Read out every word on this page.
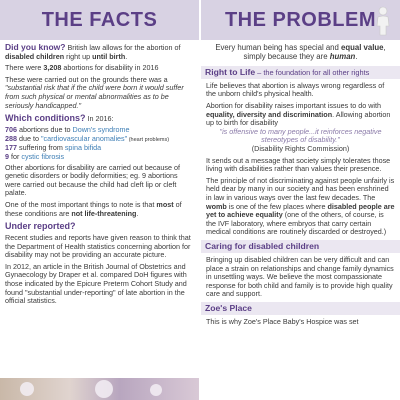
THE FACTS

Did you know? British law allows for the abortion of disabled children right up until birth.

There were 3,208 abortions for disability in 2016

These were carried out on the grounds there was a "substantial risk that if the child were born it would suffer from such physical or mental abnormalities as to be seriously handicapped."

Which conditions? In 2016:
706 abortions due to Down's syndrome
288 due to "cardiovascular anomalies" (heart problems)
177 suffering from spina bifida
9 for cystic fibrosis

Other abortions for disability are carried out because of genetic disorders or bodily deformities; eg. 9 abortions were carried out because the child had cleft lip or cleft palate.

One of the most important things to note is that most of these conditions are not life-threatening.

Under reported?

Recent studies and reports have given reason to think that the Department of Health statistics concerning abortion for disability may not be providing an accurate picture.

In 2012, an article in the British Journal of Obstetrics and Gynaecology by Draper et al. compared DoH figures with those indicated by the Epicure Preterm Cohort Study and found "substantial under-reporting" of late abortion in the official statistics.

THE PROBLEM

Every human being has special and equal value, simply because they are human.

Right to Life – the foundation for all other rights

Life believes that abortion is always wrong regardless of the unborn child's physical health.

Abortion for disability raises important issues to do with equality, diversity and discrimination. Allowing abortion up to birth for disability

"is offensive to many people...it reinforces negative stereotypes of disability."

(Disability Rights Commission)

It sends out a message that society simply tolerates those living with disabilities rather than values their presence.

The principle of not discriminating against people unfairly is held dear by many in our society and has been enshrined in law in various ways over the last few decades. The womb is one of the few places where disabled people are yet to achieve equality (one of the others, of course, is the IVF laboratory, where embryos that carry certain medical conditions are routinely discarded or destroyed.)

Caring for disabled children

Bringing up disabled children can be very difficult and can place a strain on relationships and change family dynamics in unsettling ways. We believe the most compassionate response for both child and family is to provide high quality care and support.

Zoe's Place

This is why Zoe's Place Baby's Hospice was set
